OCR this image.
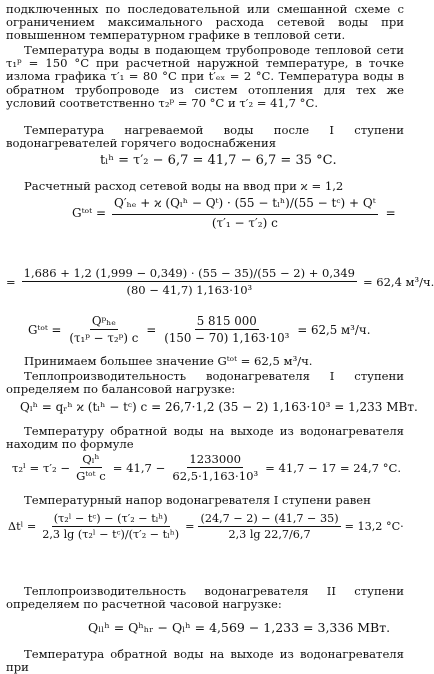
подключенных по последовательной или смешанной схеме с ограничением максимального расхода сетевой воды при повышенном температурном графике в тепловой сети.
Температура воды в подающем трубопроводе тепловой сети τ₁ᵖ = 150 °С при расчетной наружной температуре, в точке излома графика τ′₁ = 80 °С при t′ₑₓ = 2 °С. Температура воды в обратном трубопроводе из систем отопления для тех же условий соответственно τ₂ᵖ = 70 °С и τ′₂ = 41,7 °С.
Температура нагреваемой воды после I ступени водонагревателей горячего водоснабжения
tₗʰ = τ′₂ − 6,7 = 41,7 − 6,7 = 35 °С.
Расчетный расход сетевой воды на ввод при ϰ = 1,2
Gᵗᵒᵗ = $\frac{\text{Q′ₕₑ + ϰ (Qₗʰ − Qᵗ) · (55 − tₗʰ)/(55 − tᶜ) + Qᵗ}}{\text{(τ′₁ − τ′₂) c}}$ =
= $\frac{1,686 + 1,2 (1,999 - 0,349) \cdot (55 - 35)/(55 - 2) + 0,349}{\text{(80 − 41,7) 1,163·10³}} = 62,4$ м³/ч.
Gᵗᵒᵗ = $\frac{\text{Qᵖₕₑ}}{\text{(τ₁ᵖ − τ₂ᵖ) c}} = \frac{5 815 000}{\text{(150 − 70) 1,163·10³}} = 62,5$ м³/ч.
Принимаем большее значение Gᵗᵒᵗ = 62,5 м³/ч.
Теплопроизводительность водонагревателя I ступени определяем по балансовой нагрузке:
Qₗʰ = qᵣʰ ϰ (tₗʰ − tᶜ) c = 26,7·1,2 (35 − 2) 1,163·10³ = 1,233 МВт.
Температуру обратной воды на выходе из водонагревателя находим по формуле
τ₂ˡ = $\tau'_2 - \frac{\text{Qₗʰ}}{\text{Gᵗᵒᵗ c}} = 41,7 - \frac{1233000}{\text{62,5·1,163·10³}} = 41,7 - 17 = 24,7$ °С.
Температурный напор водонагревателя I ступени равен
Δtˡ = $\frac{\text{(τ₂ˡ − tᶜ) − (τ′₂ − tₗʰ)}}{\text{2,3 lg (τ₂ˡ − tᶜ)/(τ′₂ − tₗʰ)}} = \frac{(24,7 - 2) - (41,7 - 35)}{2,3 \lg 22,7/6,7} = 13,2$ °С·
Теплопроизводительность водонагревателя II ступени определяем по расчетной часовой нагрузке:
Qₗₗʰ = Qʰₕᵣ − Qₗʰ = 4,569 − 1,233 = 3,336 МВт.
Температура обратной воды на выходе из водонагревателя при
